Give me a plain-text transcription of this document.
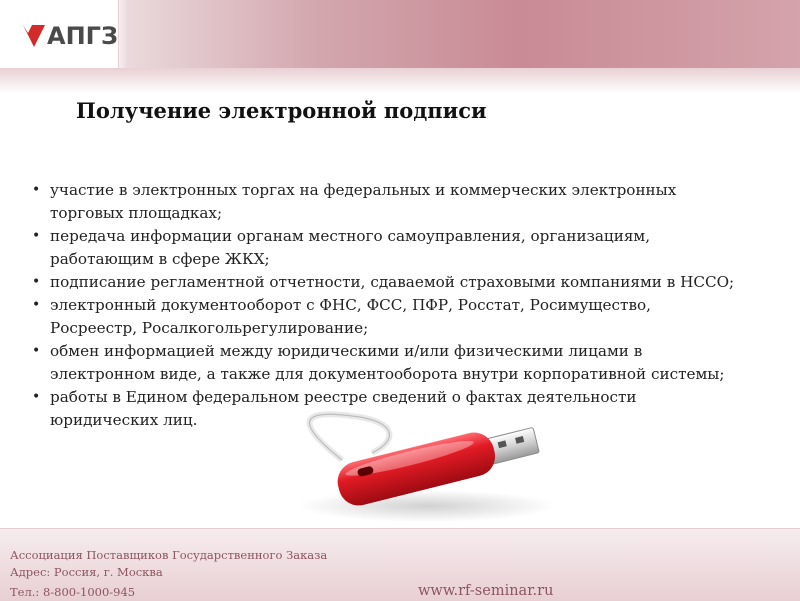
АПГЗ
Получение электронной подписи
• участие в электронных торгах на федеральных и коммерческих электронных
торговых площадках;
• передача информации органам местного самоуправления, организациям,
работающим в сфере ЖКХ;
• подписание регламентной отчетности, сдаваемой страховыми компаниями в НССО;
• электронный документооборот с ФНС, ФСС, ПФР, Росстат, Росимущество,
Росреестр, Росалкогольрегулирование;
• обмен информацией между юридическими и/или физическими лицами в
электронном виде, а также для документооборота внутри корпоративной системы;
• работы в Едином федеральном реестре сведений о фактах деятельности
юридических лиц.
Ассоциация Поставщиков Государственного Заказа
Адрес: Россия, г. Москва
Тел.: 8-800-1000-945	www.rf-seminar.ru
